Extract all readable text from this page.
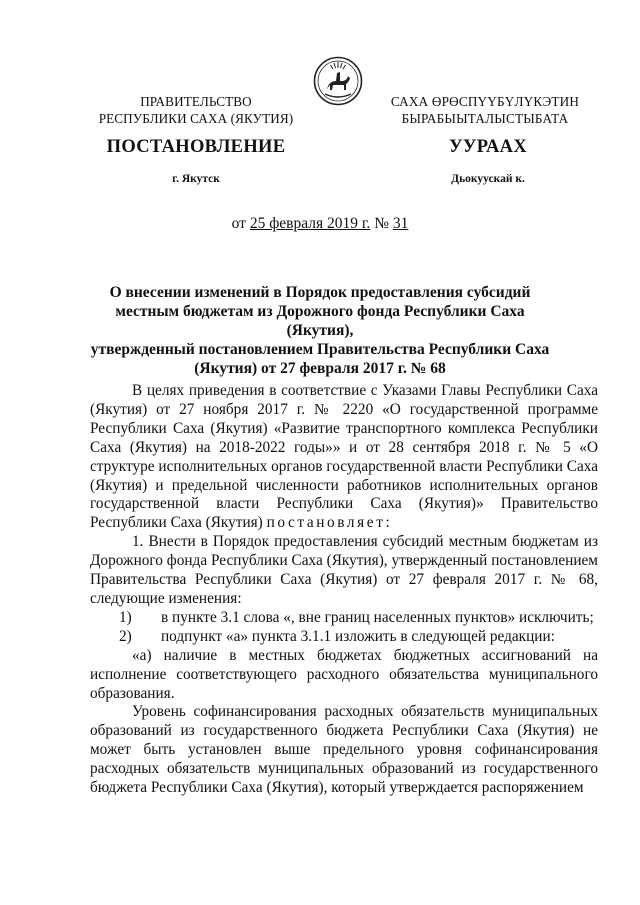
ПРАВИТЕЛЬСТВО
РЕСПУБЛИКИ САХА (ЯКУТИЯ)
САХА ӨРӨСПҮҮБҮЛҮКЭТИН
БЫРАБЫЫТАЛЫСТЫБАТА
ПОСТАНОВЛЕНИЕ	УУРААХ
г. Якутск	Дьокуускай к.
от 25 февраля 2019 г. № 31
О внесении изменений в Порядок предоставления субсидий
местным бюджетам из Дорожного фонда Республики Саха (Якутия),
утвержденный постановлением Правительства Республики Саха
(Якутия) от 27 февраля 2017 г. № 68

В целях приведения в соответствие с Указами Главы Республики Саха (Якутия) от 27 ноября 2017 г. № 2220 «О государственной программе Республики Саха (Якутия) «Развитие транспортного комплекса Республики Саха (Якутия) на 2018-2022 годы»» и от 28 сентября 2018 г. № 5 «О структуре исполнительных органов государственной власти Республики Саха (Якутия) и предельной численности работников исполнительных органов государственной власти Республики Саха (Якутия)» Правительство Республики Саха (Якутия) постановляет:

1. Внести в Порядок предоставления субсидий местным бюджетам из Дорожного фонда Республики Саха (Якутия), утвержденный постановлением Правительства Республики Саха (Якутия) от 27 февраля 2017 г. № 68, следующие изменения:

1)	в пункте 3.1 слова «, вне границ населенных пунктов» исключить;
2)	подпункт «а» пункта 3.1.1 изложить в следующей редакции:

«а) наличие в местных бюджетах бюджетных ассигнований на исполнение соответствующего расходного обязательства муниципального образования.

Уровень софинансирования расходных обязательств муниципальных образований из государственного бюджета Республики Саха (Якутия) не может быть установлен выше предельного уровня софинансирования расходных обязательств муниципальных образований из государственного бюджета Республики Саха (Якутия), который утверждается распоряжением
